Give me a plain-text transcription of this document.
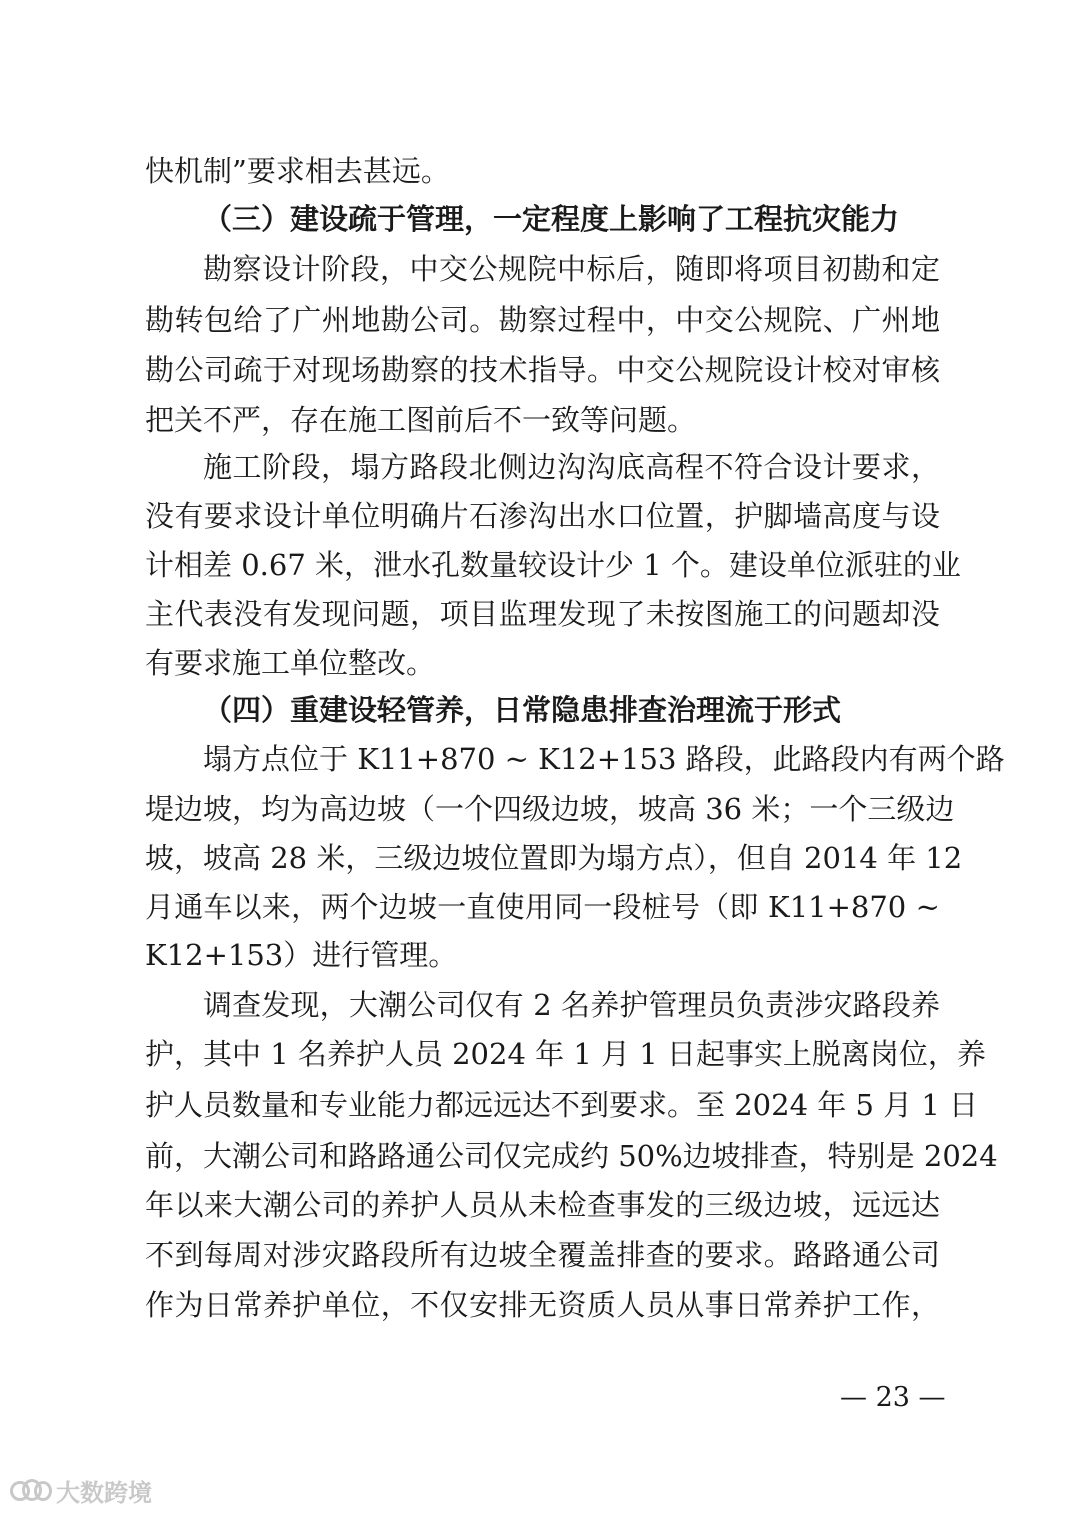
快机制”要求相去甚远。
（三）建设疏于管理，一定程度上影响了工程抗灾能力
勘察设计阶段，中交公规院中标后，随即将项目初勘和定
勘转包给了广州地勘公司。勘察过程中，中交公规院、广州地
勘公司疏于对现场勘察的技术指导。中交公规院设计校对审核
把关不严，存在施工图前后不一致等问题。
施工阶段，塌方路段北侧边沟沟底高程不符合设计要求，
没有要求设计单位明确片石渗沟出水口位置，护脚墙高度与设
计相差 0.67 米，泄水孔数量较设计少 1 个。建设单位派驻的业
主代表没有发现问题，项目监理发现了未按图施工的问题却没
有要求施工单位整改。
（四）重建设轻管养，日常隐患排查治理流于形式
塌方点位于 K11+870 ~ K12+153 路段，此路段内有两个路
堤边坡，均为高边坡（一个四级边坡，坡高 36 米；一个三级边
坡，坡高 28 米，三级边坡位置即为塌方点），但自 2014 年 12
月通车以来，两个边坡一直使用同一段桩号（即 K11+870 ~
K12+153）进行管理。
调查发现，大潮公司仅有 2 名养护管理员负责涉灾路段养
护，其中 1 名养护人员 2024 年 1 月 1 日起事实上脱离岗位，养
护人员数量和专业能力都远远达不到要求。至 2024 年 5 月 1 日
前，大潮公司和路路通公司仅完成约 50%边坡排查，特别是 2024
年以来大潮公司的养护人员从未检查事发的三级边坡，远远达
不到每周对涉灾路段所有边坡全覆盖排查的要求。路路通公司
作为日常养护单位，不仅安排无资质人员从事日常养护工作，
— 23 —
大数跨境
